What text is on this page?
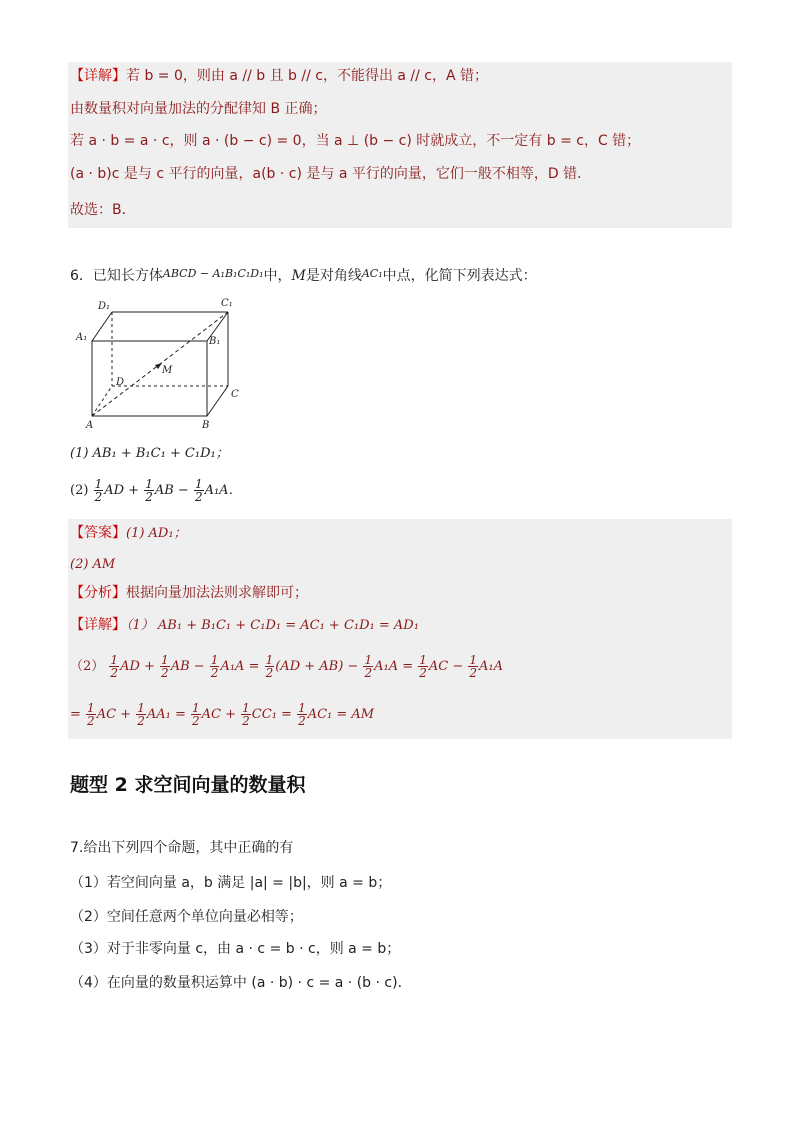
【详解】若 b = 0，则由 a // b 且 b // c，不能得出 a // c，A 错；
由数量积对向量加法的分配律知 B 正确；
若 a · b = a · c，则 a · (b − c) = 0，当 a ⊥ (b − c) 时就成立，不一定有 b = c，C 错；
(a · b)c 是与 c 平行的向量，a(b · c) 是与 a 平行的向量，它们一般不相等，D 错．
故选：B．
6．已知长方体$^{ABCD - A_1B_1C_1D_1}$中，M是对角线$^{AC_1}$中点，化简下列表达式：
D₁	C₁
A₁	B₁
D
C
A	B
M
(1) AB₁ + B₁C₁ + C₁D₁；
$(2) \frac{1}{2}$ AD + $\frac{1}{2}$ AB − $\frac{1}{2} A_1A$．
【答案】(1) AD₁；
(2) AM
【分析】根据向量加法法则求解即可；
【详解】（1） AB₁ + B₁C₁ + C₁D₁ = AC₁ + C₁D₁ = AD₁
$(2) \frac{1}{2}$ AD + $\frac{1}{2}$ AB − $\frac{1}{2} A_1A = \frac{1}{2} (AD + AB) - \frac{1}{2} A_1A = \frac{1}{2}$ AC − $\frac{1}{2} A_1A$
= $\frac{1}{2}$ AC + $\frac{1}{2} AA_1 = \frac{1}{2}$ AC + $\frac{1}{2} CC_1 = \frac{1}{2} AC_1$ = AM
题型 2 求空间向量的数量积
7.给出下列四个命题，其中正确的有
（1）若空间向量 a，b 满足 |a| = |b|，则 a = b；
（2）空间任意两个单位向量必相等；
（3）对于非零向量 c，由 a · c = b · c，则 a = b；
（4）在向量的数量积运算中 (a · b) · c = a · (b · c)．
